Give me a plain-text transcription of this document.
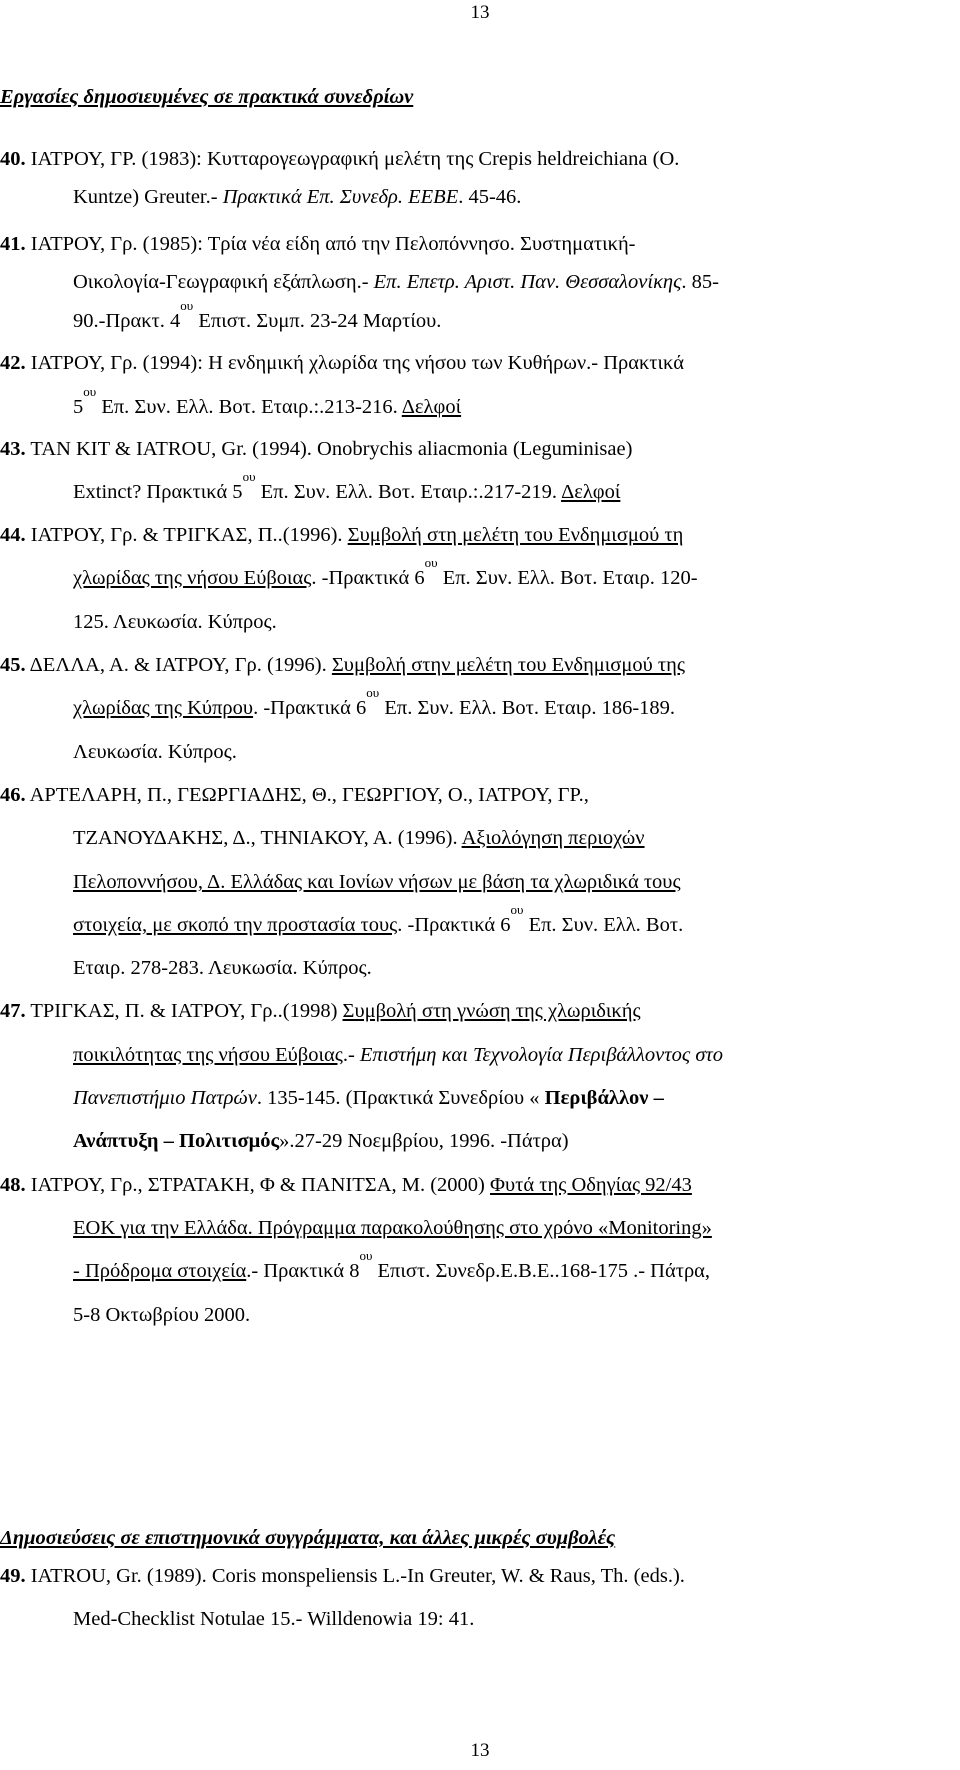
13
Εργασίες δημοσιευμένες σε πρακτικά συνεδρίων
40. ΙΑΤΡΟΥ, ΓΡ. (1983): Κυτταρογεωγραφική μελέτη της Crepis heldreichiana (O.
Kuntze) Greuter.- Πρακτικά Επ. Συνεδρ. ΕΕΒΕ. 45-46.
41. ΙΑΤΡΟΥ, Γρ. (1985): Τρία νέα είδη από την Πελοπόννησο. Συστηματική-
Οικολογία-Γεωγραφική εξάπλωση.- Επ. Επετρ. Αριστ. Παν. Θεσσαλονίκης. 85-
90.-Πρακτ. $4^{o\upsilon}$ Επιστ. Συμπ. 23-24 Μαρτίου.
42. ΙΑΤΡΟΥ, Γρ. (1994): Η ενδημική χλωρίδα της νήσου των Κυθήρων.- Πρακτικά
$5^{o\upsilon}$ Επ. Συν. Ελλ. Βοτ. Εταιρ.:.213-216. Δελφοί
43. TAN KIT & IATROU, Gr. (1994). Onobrychis aliacmonia (Leguminisae)
Extinct? Πρακτικά $5^{o\upsilon}$ Επ. Συν. Ελλ. Βοτ. Εταιρ.:.217-219. Δελφοί
44. ΙΑΤΡΟΥ, Γρ. & ΤΡΙΓΚΑΣ, Π..(1996). Συμβολή στη μελέτη του Ενδημισμού τη
χλωρίδας της νήσου Εύβοιας. -Πρακτικά $6^{o\upsilon}$ Επ. Συν. Ελλ. Βοτ. Εταιρ. 120-
125. Λευκωσία. Κύπρος.
45. ΔΕΛΛΑ, Α. & ΙΑΤΡΟΥ, Γρ. (1996). Συμβολή στην μελέτη του Ενδημισμού της
χλωρίδας της Κύπρου. -Πρακτικά $6^{o\upsilon}$ Επ. Συν. Ελλ. Βοτ. Εταιρ. 186-189.
Λευκωσία. Κύπρος.
46. ΑΡΤΕΛΑΡΗ, Π., ΓΕΩΡΓΙΑΔΗΣ, Θ., ΓΕΩΡΓΙΟΥ, Ο., ΙΑΤΡΟΥ, ΓΡ.,
ΤΖΑΝΟΥΔΑΚΗΣ, Δ., ΤΗΝΙΑΚΟΥ, Α. (1996). Αξιολόγηση περιοχών
Πελοποννήσου, Δ. Ελλάδας και Ιονίων νήσων με βάση τα χλωριδικά τους
στοιχεία, με σκοπό την προστασία τους. -Πρακτικά $6^{o\upsilon}$ Επ. Συν. Ελλ. Βοτ.
Εταιρ. 278-283. Λευκωσία. Κύπρος.
47. ΤΡΙΓΚΑΣ, Π. & ΙΑΤΡΟΥ, Γρ..(1998) Συμβολή στη γνώση της χλωριδικής
ποικιλότητας της νήσου Εύβοιας.- Επιστήμη και Τεχνολογία Περιβάλλοντος στο
Πανεπιστήμιο Πατρών. 135-145. (Πρακτικά Συνεδρίου « Περιβάλλον –
Ανάπτυξη – Πολιτισμός».27-29 Νοεμβρίου, 1996. -Πάτρα)
48. ΙΑΤΡΟΥ, Γρ., ΣΤΡΑΤΑΚΗ, Φ & ΠΑΝΙΤΣΑ, Μ. (2000) Φυτά της Οδηγίας 92/43
ΕΟΚ για την Ελλάδα. Πρόγραμμα παρακολούθησης στο χρόνο «Monitoring»
- Πρόδρομα στοιχεία.- Πρακτικά $8^{o\upsilon}$ Επιστ. Συνεδρ.Ε.Β.Ε..168-175 .- Πάτρα,
5-8 Οκτωβρίου 2000.
Δημοσιεύσεις σε επιστημονικά συγγράμματα, και άλλες μικρές συμβολές
49. IATROU, Gr. (1989). Coris monspeliensis L.-In Greuter, W. & Raus, Th. (eds.).
Med-Checklist Notulae 15.- Willdenowia 19: 41.
13
